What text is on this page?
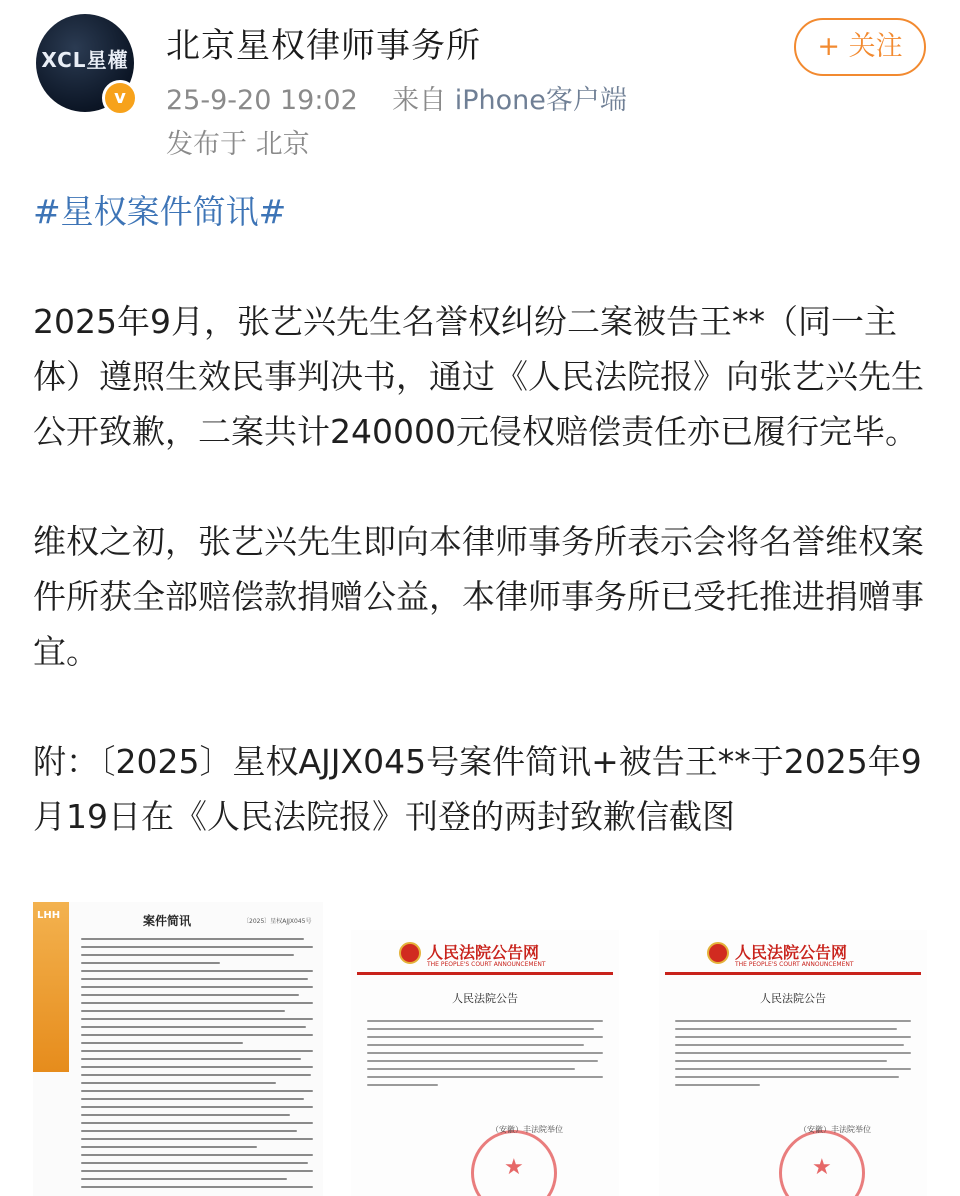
XCL星權
v
北京星权律师事务所
25-9-20 19:02 来自 iPhone客户端
发布于 北京
+ 关注

#星权案件简讯#

2025年9月，张艺兴先生名誉权纠纷二案被告王**（同一主体）遵照生效民事判决书，通过《人民法院报》向张艺兴先生公开致歉，二案共计240000元侵权赔偿责任亦已履行完毕。

维权之初，张艺兴先生即向本律师事务所表示会将名誉维权案件所获全部赔偿款捐赠公益，本律师事务所已受托推进捐赠事宜。

附：〔2025〕星权AJJX045号案件简讯+被告王**于2025年9月19日在《人民法院报》刊登的两封致歉信截图

LHH	案件简讯	〔2025〕星权AJJX045号
人民法院公告网
THE PEOPLE'S COURT ANNOUNCEMENT
人民法院公告
★
（安徽）丰法院举位
人民法院公告网
THE PEOPLE'S COURT ANNOUNCEMENT
人民法院公告
★
（安徽）丰法院举位
